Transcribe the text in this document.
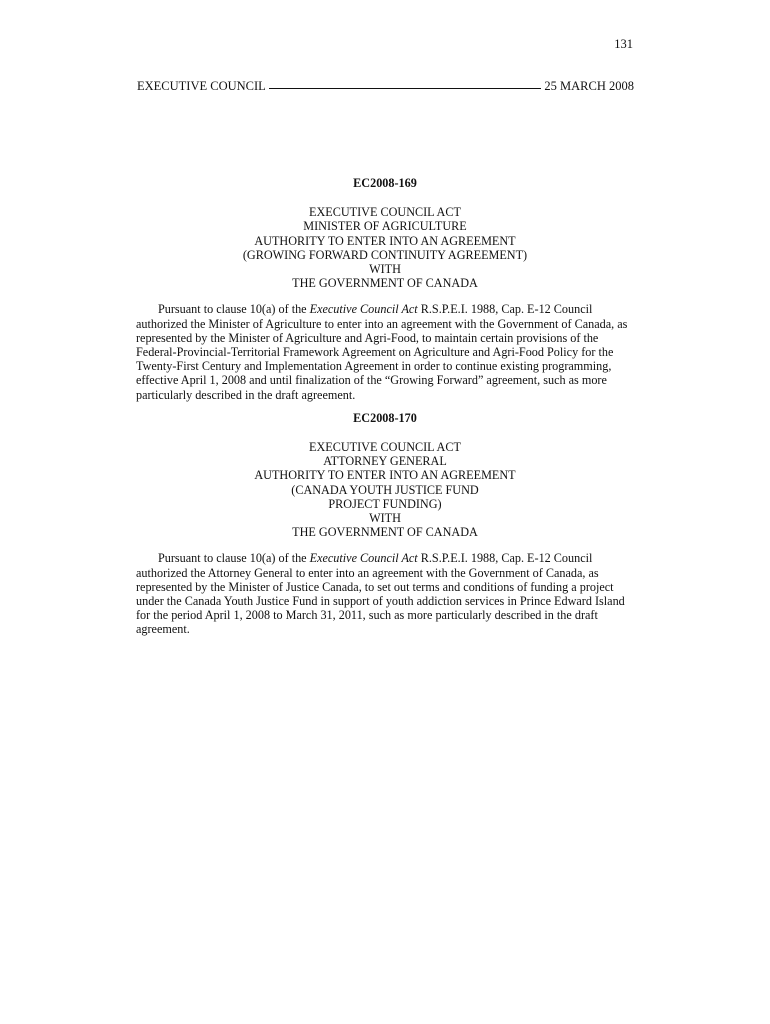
131
EXECUTIVE COUNCIL	25 MARCH 2008

EC2008-169

EXECUTIVE COUNCIL ACT
MINISTER OF AGRICULTURE
AUTHORITY TO ENTER INTO AN AGREEMENT
(GROWING FORWARD CONTINUITY AGREEMENT)
WITH
THE GOVERNMENT OF CANADA

Pursuant to clause 10(a) of the Executive Council Act R.S.P.E.I. 1988, Cap. E-12 Council authorized the Minister of Agriculture to enter into an agreement with the Government of Canada, as represented by the Minister of Agriculture and Agri-Food, to maintain certain provisions of the Federal-Provincial-Territorial Framework Agreement on Agriculture and Agri-Food Policy for the Twenty-First Century and Implementation Agreement in order to continue existing programming, effective April 1, 2008 and until finalization of the “Growing Forward” agreement, such as more particularly described in the draft agreement.

EC2008-170

EXECUTIVE COUNCIL ACT
ATTORNEY GENERAL
AUTHORITY TO ENTER INTO AN AGREEMENT
(CANADA YOUTH JUSTICE FUND
PROJECT FUNDING)
WITH
THE GOVERNMENT OF CANADA

Pursuant to clause 10(a) of the Executive Council Act R.S.P.E.I. 1988, Cap. E-12 Council authorized the Attorney General to enter into an agreement with the Government of Canada, as represented by the Minister of Justice Canada, to set out terms and conditions of funding a project under the Canada Youth Justice Fund in support of youth addiction services in Prince Edward Island for the period April 1, 2008 to March 31, 2011, such as more particularly described in the draft agreement.
